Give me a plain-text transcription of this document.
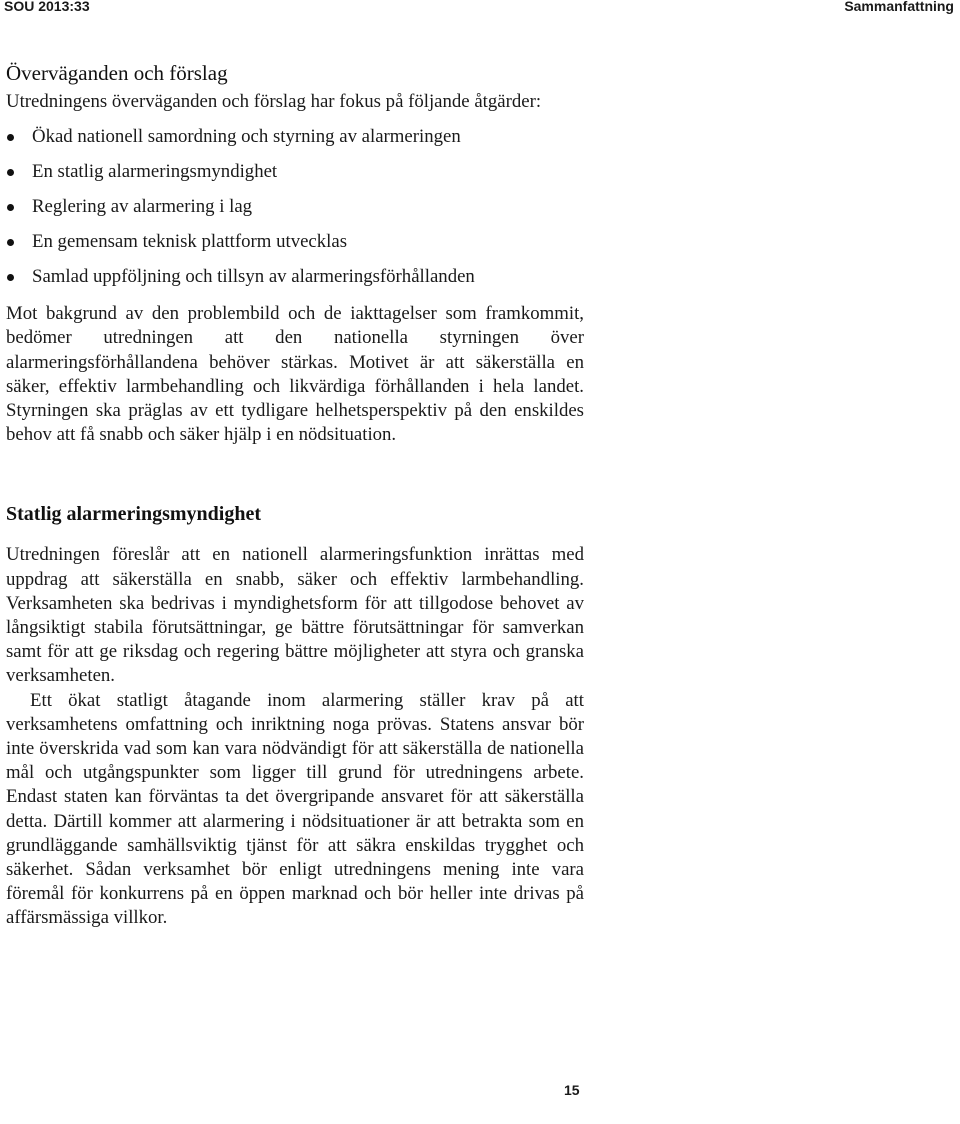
SOU 2013:33	Sammanfattning
Överväganden och förslag

Utredningens överväganden och förslag har fokus på följande åtgärder:

Ökad nationell samordning och styrning av alarmeringen
En statlig alarmeringsmyndighet
Reglering av alarmering i lag
En gemensam teknisk plattform utvecklas
Samlad uppföljning och tillsyn av alarmeringsförhållanden

Mot bakgrund av den problembild och de iakttagelser som framkommit, bedömer utredningen att den nationella styrningen över alarmeringsförhållandena behöver stärkas. Motivet är att säkerställa en säker, effektiv larmbehandling och likvärdiga förhållanden i hela landet. Styrningen ska präglas av ett tydligare helhetsperspektiv på den enskildes behov att få snabb och säker hjälp i en nödsituation.

Statlig alarmeringsmyndighet

Utredningen föreslår att en nationell alarmeringsfunktion inrättas med uppdrag att säkerställa en snabb, säker och effektiv larmbehandling. Verksamheten ska bedrivas i myndighetsform för att tillgodose behovet av långsiktigt stabila förutsättningar, ge bättre förutsättningar för samverkan samt för att ge riksdag och regering bättre möjligheter att styra och granska verksamheten.

Ett ökat statligt åtagande inom alarmering ställer krav på att verksamhetens omfattning och inriktning noga prövas. Statens ansvar bör inte överskrida vad som kan vara nödvändigt för att säkerställa de nationella mål och utgångspunkter som ligger till grund för utredningens arbete. Endast staten kan förväntas ta det övergripande ansvaret för att säkerställa detta. Därtill kommer att alarmering i nödsituationer är att betrakta som en grundläggande samhällsviktig tjänst för att säkra enskildas trygghet och säkerhet. Sådan verksamhet bör enligt utredningens mening inte vara föremål för konkurrens på en öppen marknad och bör heller inte drivas på affärsmässiga villkor.

15
